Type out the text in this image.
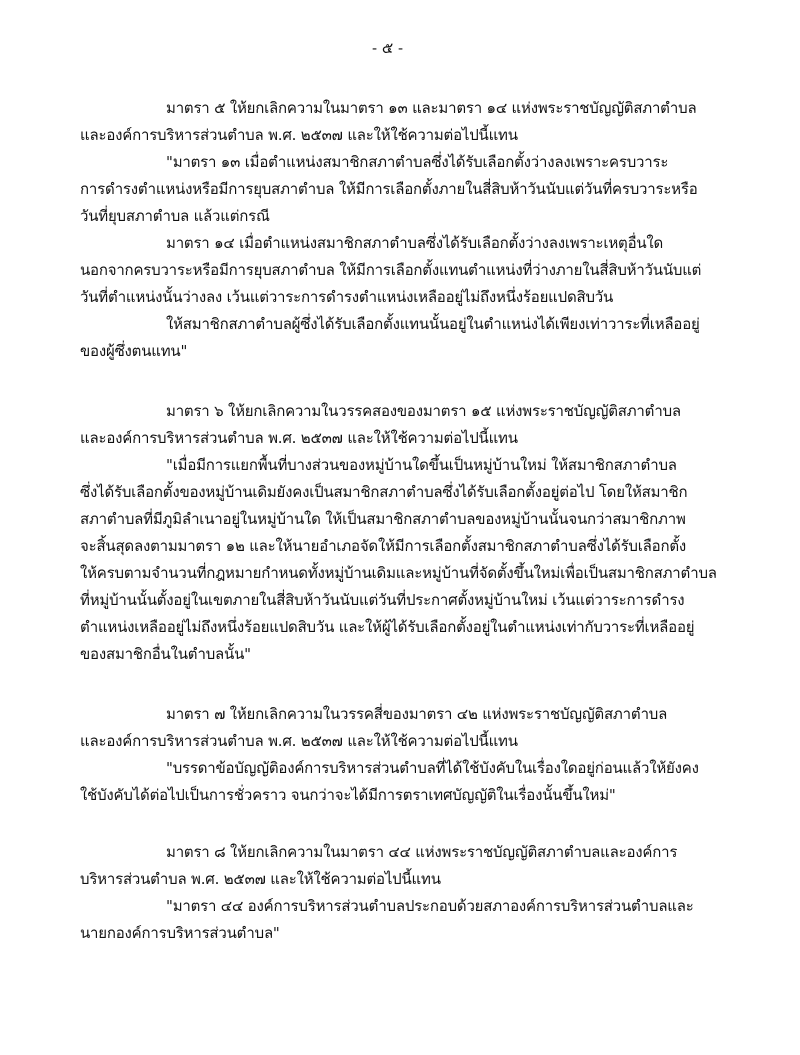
- ๕ -
มาตรา ๕ ให้ยกเลิกความในมาตรา ๑๓ และมาตรา ๑๔ แห่งพระราชบัญญัติสภาตำบล
และองค์การบริหารส่วนตำบล พ.ศ. ๒๕๓๗ และให้ใช้ความต่อไปนี้แทน
"มาตรา ๑๓ เมื่อตำแหน่งสมาชิกสภาตำบลซึ่งได้รับเลือกตั้งว่างลงเพราะครบวาระ
การดำรงตำแหน่งหรือมีการยุบสภาตำบล ให้มีการเลือกตั้งภายในสี่สิบห้าวันนับแต่วันที่ครบวาระหรือ
วันที่ยุบสภาตำบล แล้วแต่กรณี
มาตรา ๑๔ เมื่อตำแหน่งสมาชิกสภาตำบลซึ่งได้รับเลือกตั้งว่างลงเพราะเหตุอื่นใด
นอกจากครบวาระหรือมีการยุบสภาตำบล ให้มีการเลือกตั้งแทนตำแหน่งที่ว่างภายในสี่สิบห้าวันนับแต่
วันที่ตำแหน่งนั้นว่างลง เว้นแต่วาระการดำรงตำแหน่งเหลืออยู่ไม่ถึงหนึ่งร้อยแปดสิบวัน
ให้สมาชิกสภาตำบลผู้ซึ่งได้รับเลือกตั้งแทนนั้นอยู่ในตำแหน่งได้เพียงเท่าวาระที่เหลืออยู่
ของผู้ซึ่งตนแทน"
มาตรา ๖ ให้ยกเลิกความในวรรคสองของมาตรา ๑๕ แห่งพระราชบัญญัติสภาตำบล
และองค์การบริหารส่วนตำบล พ.ศ. ๒๕๓๗ และให้ใช้ความต่อไปนี้แทน
"เมื่อมีการแยกพื้นที่บางส่วนของหมู่บ้านใดขึ้นเป็นหมู่บ้านใหม่ ให้สมาชิกสภาตำบล
ซึ่งได้รับเลือกตั้งของหมู่บ้านเดิมยังคงเป็นสมาชิกสภาตำบลซึ่งได้รับเลือกตั้งอยู่ต่อไป โดยให้สมาชิก
สภาตำบลที่มีภูมิลำเนาอยู่ในหมู่บ้านใด ให้เป็นสมาชิกสภาตำบลของหมู่บ้านนั้นจนกว่าสมาชิกภาพ
จะสิ้นสุดลงตามมาตรา ๑๒ และให้นายอำเภอจัดให้มีการเลือกตั้งสมาชิกสภาตำบลซึ่งได้รับเลือกตั้ง
ให้ครบตามจำนวนที่กฎหมายกำหนดทั้งหมู่บ้านเดิมและหมู่บ้านที่จัดตั้งขึ้นใหม่เพื่อเป็นสมาชิกสภาตำบล
ที่หมู่บ้านนั้นตั้งอยู่ในเขตภายในสี่สิบห้าวันนับแต่วันที่ประกาศตั้งหมู่บ้านใหม่ เว้นแต่วาระการดำรง
ตำแหน่งเหลืออยู่ไม่ถึงหนึ่งร้อยแปดสิบวัน และให้ผู้ได้รับเลือกตั้งอยู่ในตำแหน่งเท่ากับวาระที่เหลืออยู่
ของสมาชิกอื่นในตำบลนั้น"
มาตรา ๗ ให้ยกเลิกความในวรรคสี่ของมาตรา ๔๒ แห่งพระราชบัญญัติสภาตำบล
และองค์การบริหารส่วนตำบล พ.ศ. ๒๕๓๗ และให้ใช้ความต่อไปนี้แทน
"บรรดาข้อบัญญัติองค์การบริหารส่วนตำบลที่ได้ใช้บังคับในเรื่องใดอยู่ก่อนแล้วให้ยังคง
ใช้บังคับได้ต่อไปเป็นการชั่วคราว จนกว่าจะได้มีการตราเทศบัญญัติในเรื่องนั้นขึ้นใหม่"
มาตรา ๘ ให้ยกเลิกความในมาตรา ๔๔ แห่งพระราชบัญญัติสภาตำบลและองค์การ
บริหารส่วนตำบล พ.ศ. ๒๕๓๗ และให้ใช้ความต่อไปนี้แทน
"มาตรา ๔๔ องค์การบริหารส่วนตำบลประกอบด้วยสภาองค์การบริหารส่วนตำบลและ
นายกองค์การบริหารส่วนตำบล"
